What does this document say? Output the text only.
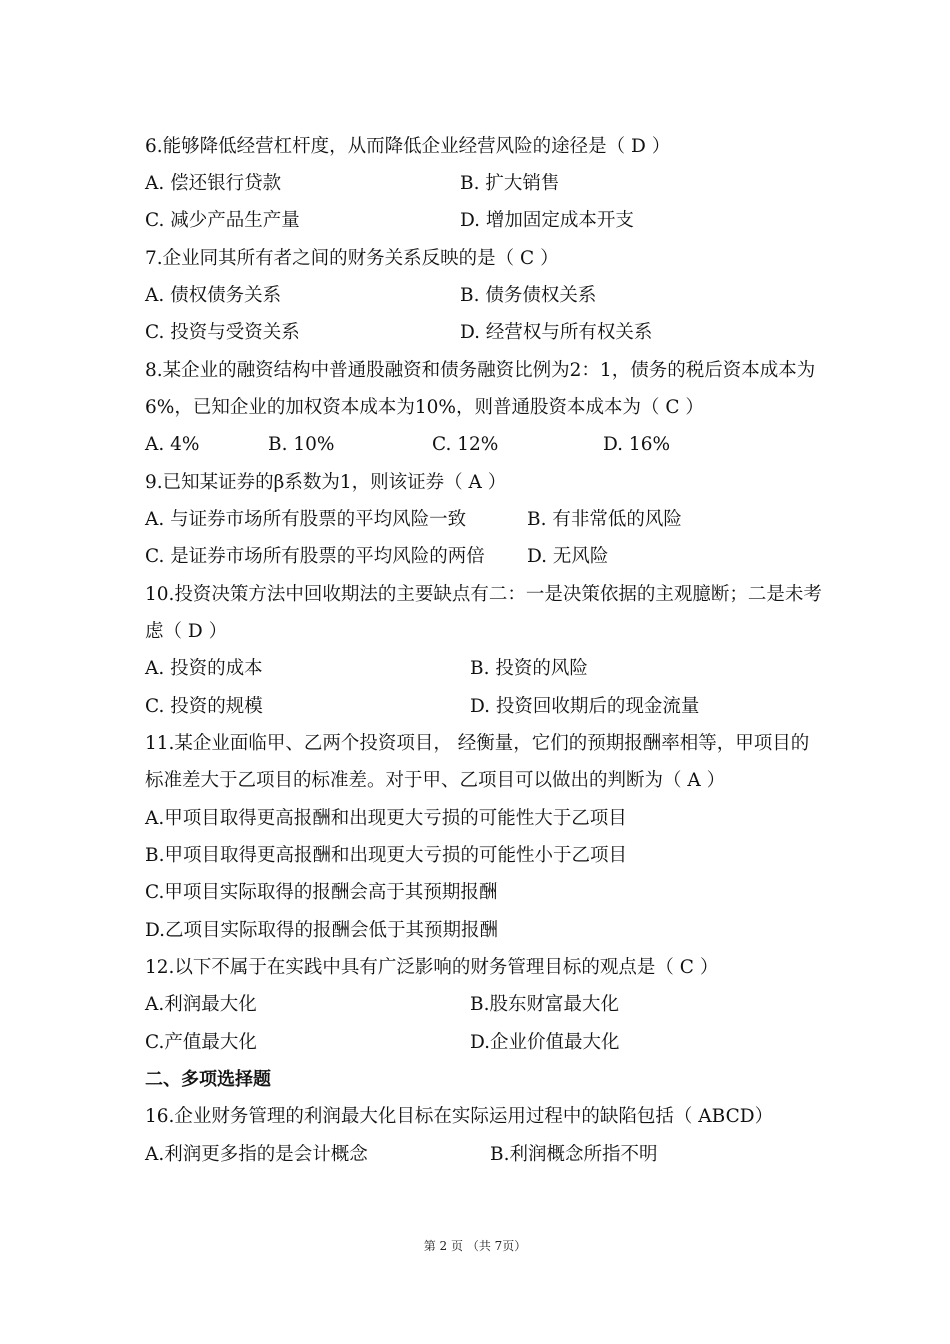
6.能够降低经营杠杆度，从而降低企业经营风险的途径是（ D ）
A. 偿还银行贷款	B. 扩大销售
C. 减少产品生产量	D. 增加固定成本开支
7.企业同其所有者之间的财务关系反映的是（ C ）
A. 债权债务关系	B. 债务债权关系
C. 投资与受资关系	D. 经营权与所有权关系
8.某企业的融资结构中普通股融资和债务融资比例为2：1，债务的税后资本成本为
6%，已知企业的加权资本成本为10%，则普通股资本成本为（ C ）
A. 4%	B. 10%	C. 12%	D. 16%
9.已知某证券的β系数为1，则该证券（ A ）
A. 与证券市场所有股票的平均风险一致	B. 有非常低的风险
C. 是证券市场所有股票的平均风险的两倍 D. 无风险
10.投资决策方法中回收期法的主要缺点有二：一是决策依据的主观臆断；二是未考
虑（ D ）
A. 投资的成本	B. 投资的风险
C. 投资的规模	D. 投资回收期后的现金流量
11.某企业面临甲、乙两个投资项目， 经衡量，它们的预期报酬率相等，甲项目的
标准差大于乙项目的标准差。对于甲、乙项目可以做出的判断为（ A ）
A.甲项目取得更高报酬和出现更大亏损的可能性大于乙项目
B.甲项目取得更高报酬和出现更大亏损的可能性小于乙项目
C.甲项目实际取得的报酬会高于其预期报酬
D.乙项目实际取得的报酬会低于其预期报酬
12.以下不属于在实践中具有广泛影响的财务管理目标的观点是（ C ）
A.利润最大化	B.股东财富最大化
C.产值最大化	D.企业价值最大化
二、多项选择题
16.企业财务管理的利润最大化目标在实际运用过程中的缺陷包括（ ABCD）
A.利润更多指的是会计概念	B.利润概念所指不明
第 2 页 （共 7页）
